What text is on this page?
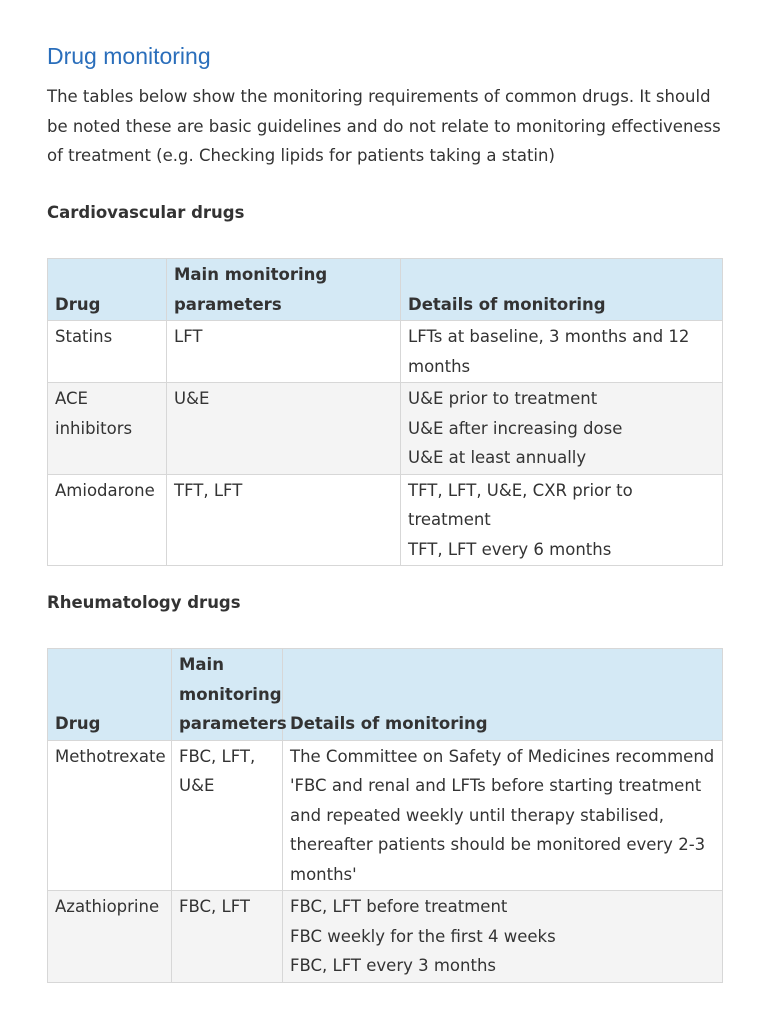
Drug monitoring

The tables below show the monitoring requirements of common drugs. It should be noted these are basic guidelines and do not relate to monitoring effectiveness of treatment (e.g. Checking lipids for patients taking a statin)

Cardiovascular drugs
Drug	Main monitoring parameters	Details of monitoring
Statins	LFT	LFTs at baseline, 3 months and 12 months

ACE inhibitors	U&E	U&E prior to treatment
U&E after increasing dose
U&E at least annually

Amiodarone	TFT, LFT	TFT, LFT, U&E, CXR prior to treatment
TFT, LFT every 6 months
Rheumatology drugs
Drug	Main monitoring parameters	Details of monitoring
Methotrexate	FBC, LFT, U&E	The Committee on Safety of Medicines recommend 'FBC and renal and LFTs before starting treatment and repeated weekly until therapy stabilised, thereafter patients should be monitored every 2-3 months'

Azathioprine	FBC, LFT	FBC, LFT before treatment
FBC weekly for the first 4 weeks
FBC, LFT every 3 months
